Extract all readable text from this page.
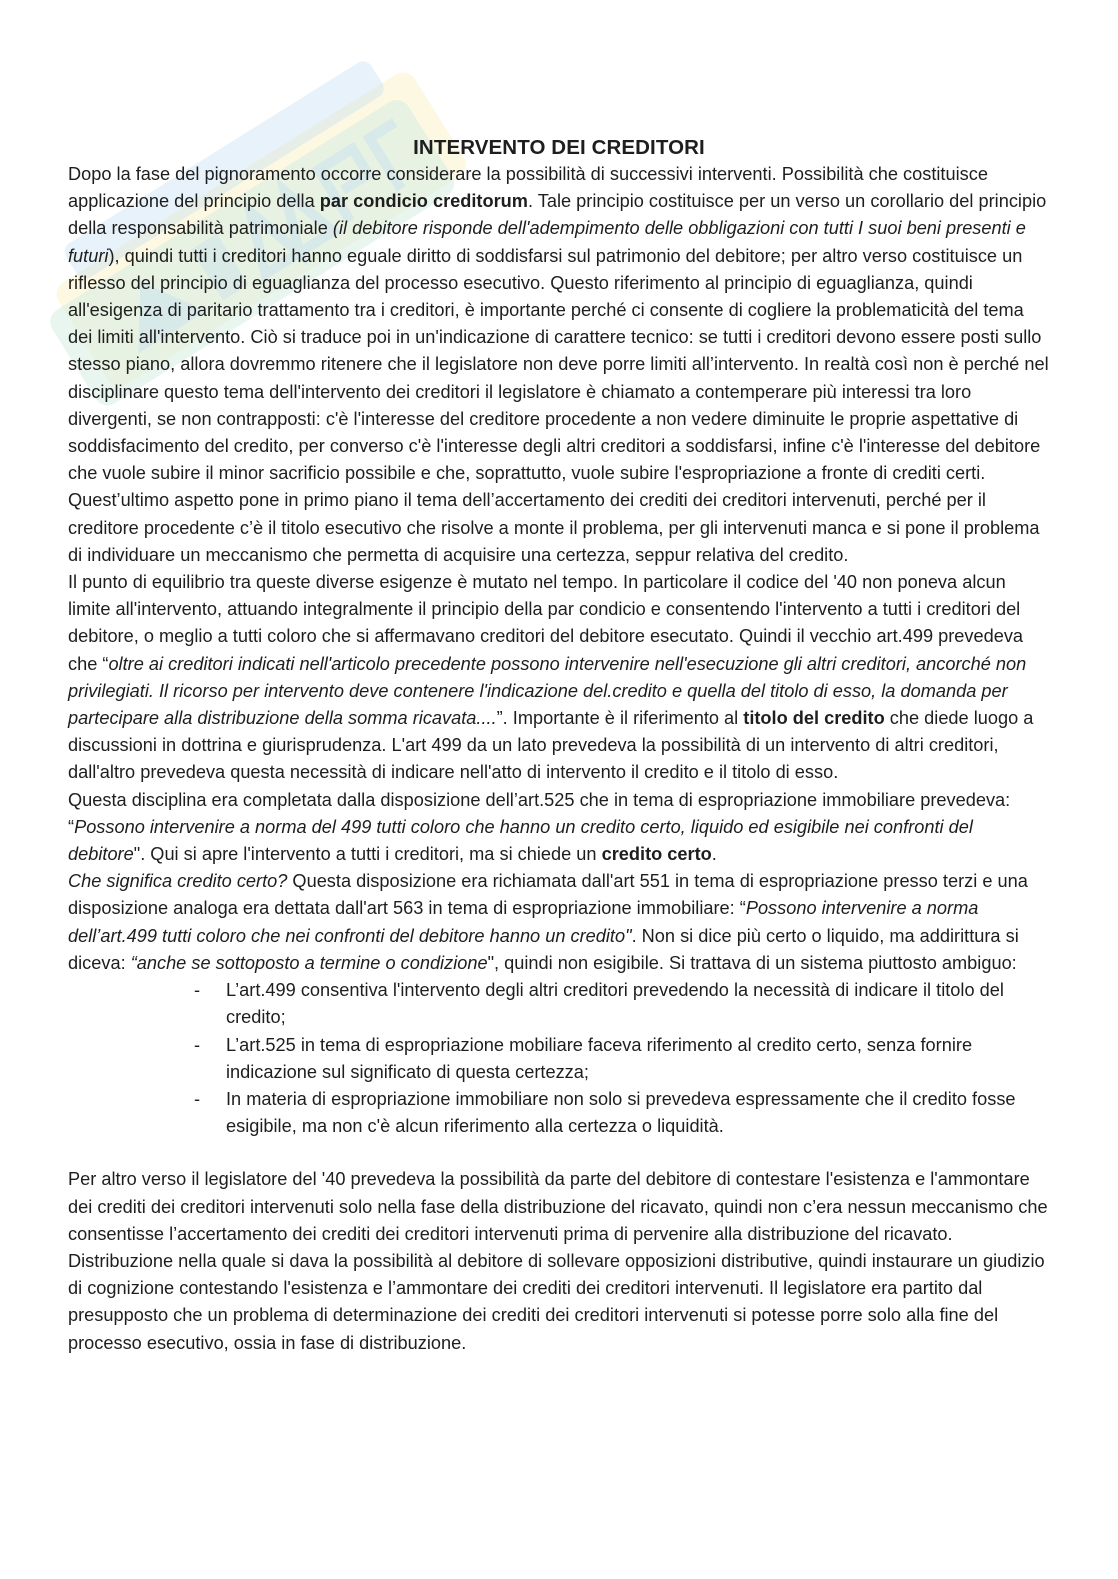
INTERVENTO DEI CREDITORI

Dopo la fase del pignoramento occorre considerare la possibilità di successivi interventi. Possibilità che costituisce applicazione del principio della par condicio creditorum. Tale principio costituisce per un verso un corollario del principio della responsabilità patrimoniale (il debitore risponde dell'adempimento delle obbligazioni con tutti I suoi beni presenti e futuri), quindi tutti i creditori hanno eguale diritto di soddisfarsi sul patrimonio del debitore; per altro verso costituisce un riflesso del principio di eguaglianza del processo esecutivo. Questo riferimento al principio di eguaglianza, quindi all'esigenza di paritario trattamento tra i creditori, è importante perché ci consente di cogliere la problematicità del tema dei limiti all'intervento. Ciò si traduce poi in un'indicazione di carattere tecnico: se tutti i creditori devono essere posti sullo stesso piano, allora dovremmo ritenere che il legislatore non deve porre limiti all’intervento. In realtà così non è perché nel disciplinare questo tema dell'intervento dei creditori il legislatore è chiamato a contemperare più interessi tra loro divergenti, se non contrapposti: c'è l'interesse del creditore procedente a non vedere diminuite le proprie aspettative di soddisfacimento del credito, per converso c'è l'interesse degli altri creditori a soddisfarsi, infine c'è l'interesse del debitore che vuole subire il minor sacrificio possibile e che, soprattutto, vuole subire l'espropriazione a fronte di crediti certi. Quest’ultimo aspetto pone in primo piano il tema dell’accertamento dei crediti dei creditori intervenuti, perché per il creditore procedente c’è il titolo esecutivo che risolve a monte il problema, per gli intervenuti manca e si pone il problema di individuare un meccanismo che permetta di acquisire una certezza, seppur relativa del credito.

Il punto di equilibrio tra queste diverse esigenze è mutato nel tempo. In particolare il codice del '40 non poneva alcun limite all'intervento, attuando integralmente il principio della par condicio e consentendo l'intervento a tutti i creditori del debitore, o meglio a tutti coloro che si affermavano creditori del debitore esecutato. Quindi il vecchio art.499 prevedeva che “oltre ai creditori indicati nell'articolo precedente possono intervenire nell'esecuzione gli altri creditori, ancorché non privilegiati. Il ricorso per intervento deve contenere l'indicazione del.credito e quella del titolo di esso, la domanda per partecipare alla distribuzione della somma ricavata....”. Importante è il riferimento al titolo del credito che diede luogo a discussioni in dottrina e giurisprudenza. L'art 499 da un lato prevedeva la possibilità di un intervento di altri creditori, dall'altro prevedeva questa necessità di indicare nell'atto di intervento il credito e il titolo di esso.

Questa disciplina era completata dalla disposizione dell’art.525 che in tema di espropriazione immobiliare prevedeva: “Possono intervenire a norma del 499 tutti coloro che hanno un credito certo, liquido ed esigibile nei confronti del debitore". Qui si apre l'intervento a tutti i creditori, ma si chiede un credito certo.

Che significa credito certo? Questa disposizione era richiamata dall'art 551 in tema di espropriazione presso terzi e una disposizione analoga era dettata dall'art 563 in tema di espropriazione immobiliare: “Possono intervenire a norma dell’art.499 tutti coloro che nei confronti del debitore hanno un credito". Non si dice più certo o liquido, ma addirittura si diceva: “anche se sottoposto a termine o condizione", quindi non esigibile. Si trattava di un sistema piuttosto ambiguo:

- L’art.499 consentiva l'intervento degli altri creditori prevedendo la necessità di indicare il titolo del credito;
- L’art.525 in tema di espropriazione mobiliare faceva riferimento al credito certo, senza fornire indicazione sul significato di questa certezza;
- In materia di espropriazione immobiliare non solo si prevedeva espressamente che il credito fosse esigibile, ma non c'è alcun riferimento alla certezza o liquidità.

Per altro verso il legislatore del '40 prevedeva la possibilità da parte del debitore di contestare l'esistenza e l'ammontare dei crediti dei creditori intervenuti solo nella fase della distribuzione del ricavato, quindi non c’era nessun meccanismo che consentisse l’accertamento dei crediti dei creditori intervenuti prima di pervenire alla distribuzione del ricavato. Distribuzione nella quale si dava la possibilità al debitore di sollevare opposizioni distributive, quindi instaurare un giudizio di cognizione contestando l'esistenza e l’ammontare dei crediti dei creditori intervenuti. Il legislatore era partito dal presupposto che un problema di determinazione dei crediti dei creditori intervenuti si potesse porre solo alla fine del processo esecutivo, ossia in fase di distribuzione.
